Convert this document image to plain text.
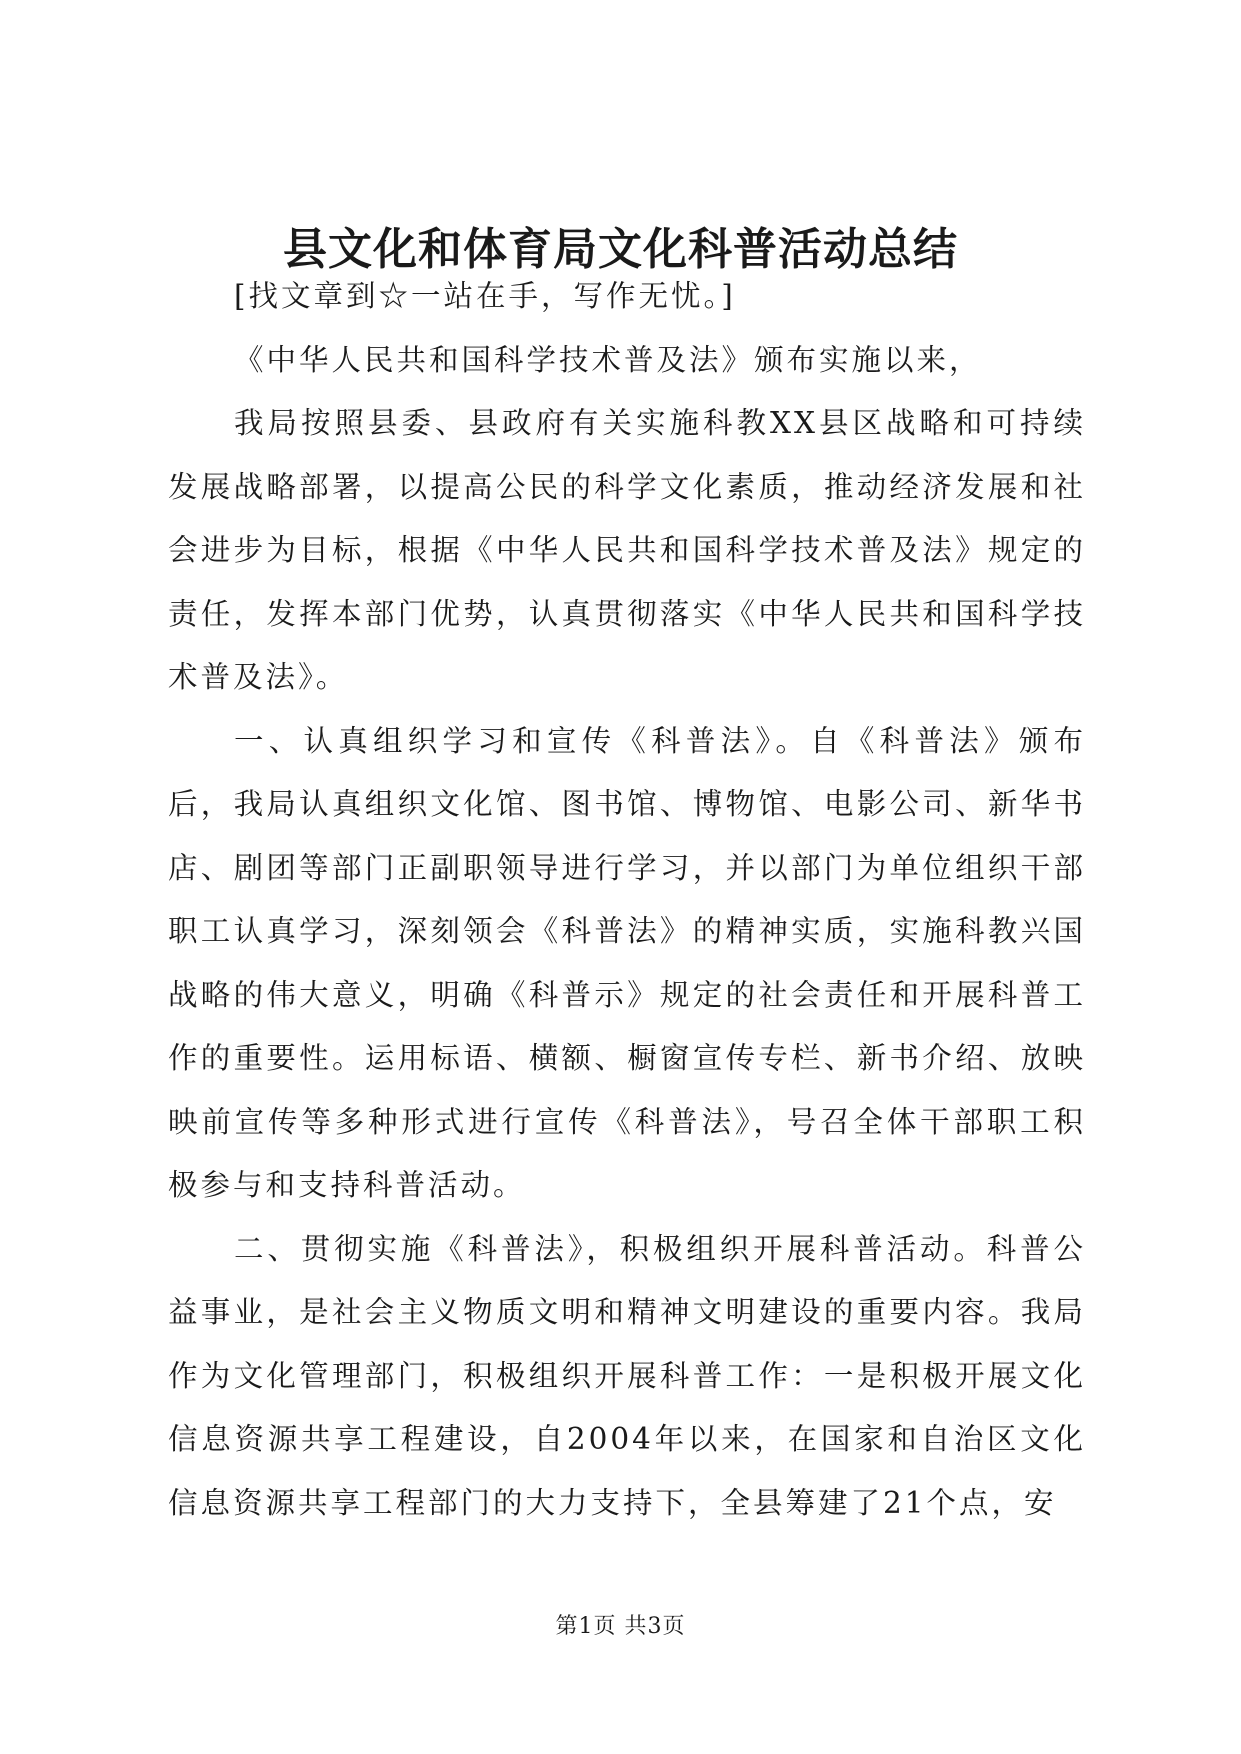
县文化和体育局文化科普活动总结

[找文章到☆一站在手，写作无忧。]

《中华人民共和国科学技术普及法》颁布实施以来，

我局按照县委、县政府有关实施科教XX县区战略和可持续发展战略部署，以提高公民的科学文化素质，推动经济发展和社会进步为目标，根据《中华人民共和国科学技术普及法》规定的责任，发挥本部门优势，认真贯彻落实《中华人民共和国科学技术普及法》。

一、认真组织学习和宣传《科普法》。自《科普法》颁布后，我局认真组织文化馆、图书馆、博物馆、电影公司、新华书店、剧团等部门正副职领导进行学习，并以部门为单位组织干部职工认真学习，深刻领会《科普法》的精神实质，实施科教兴国战略的伟大意义，明确《科普示》规定的社会责任和开展科普工作的重要性。运用标语、横额、橱窗宣传专栏、新书介绍、放映映前宣传等多种形式进行宣传《科普法》，号召全体干部职工积极参与和支持科普活动。

二、贯彻实施《科普法》，积极组织开展科普活动。科普公益事业，是社会主义物质文明和精神文明建设的重要内容。我局作为文化管理部门，积极组织开展科普工作：一是积极开展文化信息资源共享工程建设，自2004年以来，在国家和自治区文化信息资源共享工程部门的大力支持下，全县筹建了21个点，安

第1页 共3页
